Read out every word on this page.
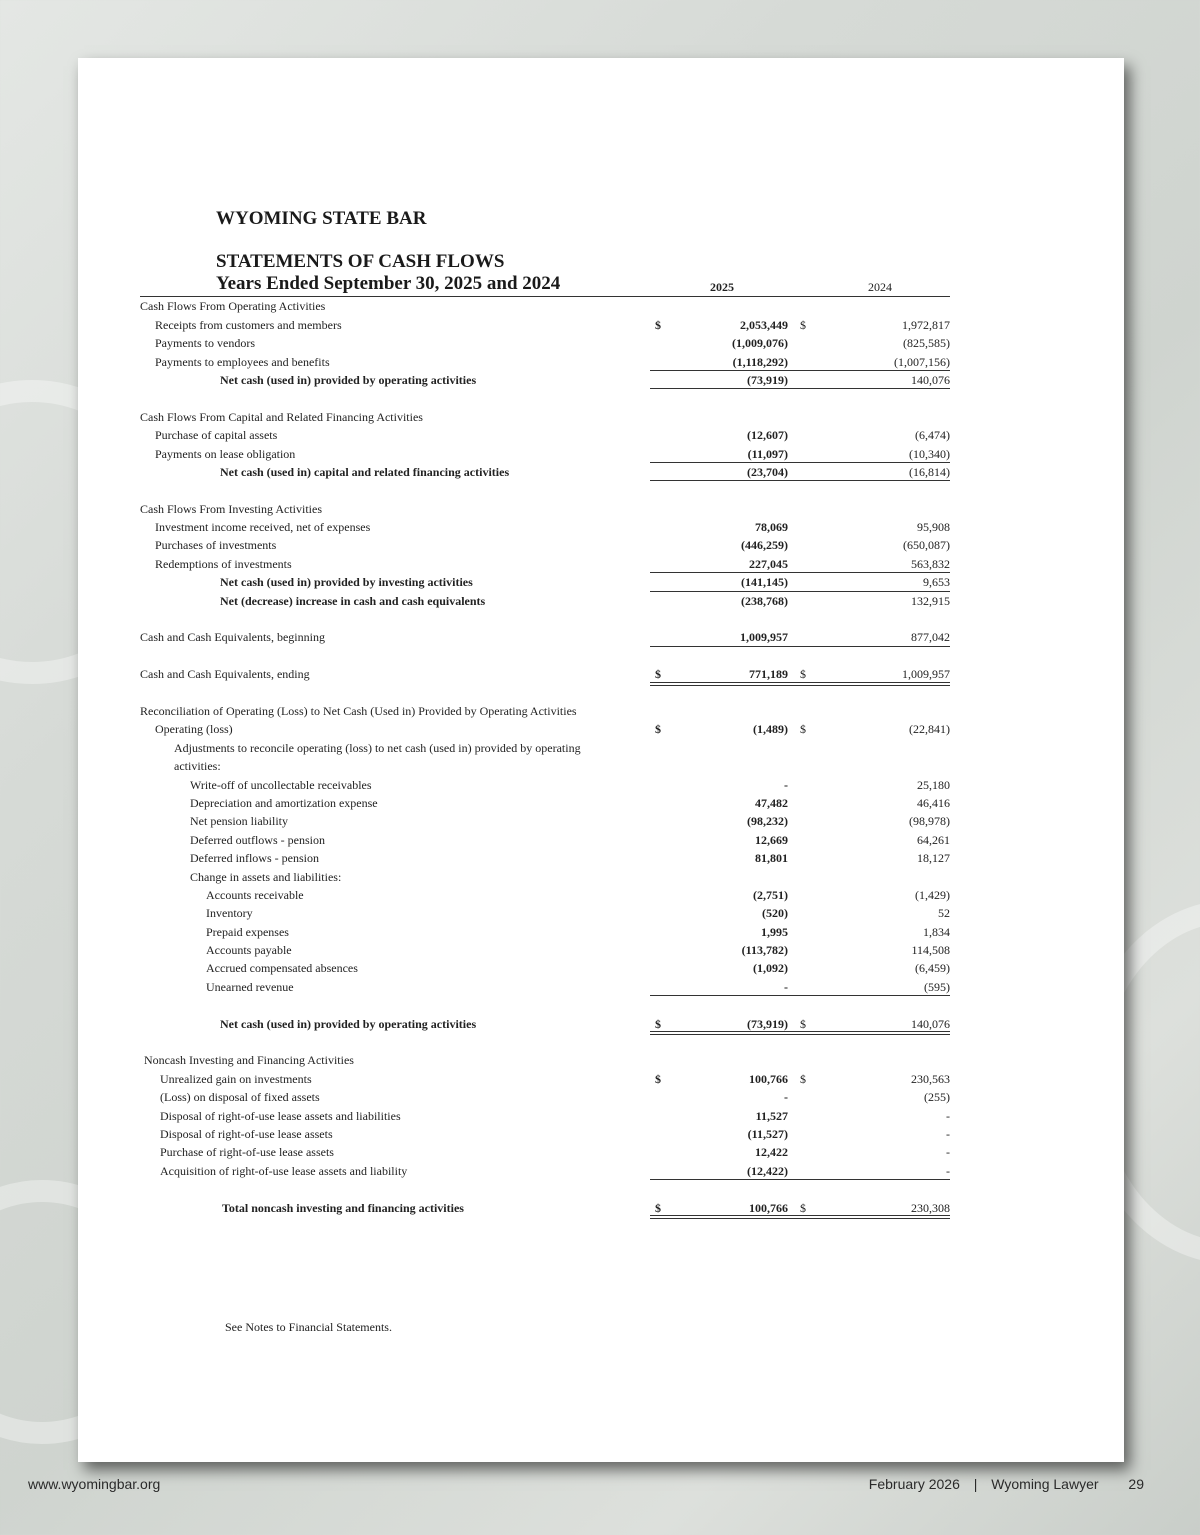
WYOMING STATE BAR
STATEMENTS OF CASH FLOWS
Years Ended September 30, 2025 and 2024	2025	2024
Cash Flows From Operating Activities
Receipts from customers and members	$	2,053,449 $	1,972,817
Payments to vendors	(1,009,076)	(825,585)
Payments to employees and benefits	(1,118,292)	(1,007,156)
Net cash (used in) provided by operating activities	(73,919)	140,076
Cash Flows From Capital and Related Financing Activities
Purchase of capital assets	(12,607)	(6,474)
Payments on lease obligation	(11,097)	(10,340)
Net cash (used in) capital and related financing activities	(23,704)	(16,814)
Cash Flows From Investing Activities
Investment income received, net of expenses	78,069	95,908
Purchases of investments	(446,259)	(650,087)
Redemptions of investments	227,045	563,832
Net cash (used in) provided by investing activities	(141,145)	9,653
Net (decrease) increase in cash and cash equivalents	(238,768)	132,915
Cash and Cash Equivalents, beginning	1,009,957	877,042
Cash and Cash Equivalents, ending	$	771,189 $	1,009,957
Reconciliation of Operating (Loss) to Net Cash (Used in) Provided by Operating Activities
Operating (loss)	$	(1,489) $	(22,841)
Adjustments to reconcile operating (loss) to net cash (used in) provided by operating
activities:
Write-off of uncollectable receivables	-	25,180
Depreciation and amortization expense	47,482	46,416
Net pension liability	(98,232)	(98,978)
Deferred outflows - pension	12,669	64,261
Deferred inflows - pension	81,801	18,127
Change in assets and liabilities:
Accounts receivable	(2,751)	(1,429)
Inventory	(520)	52
Prepaid expenses	1,995	1,834
Accounts payable	(113,782)	114,508
Accrued compensated absences	(1,092)	(6,459)
Unearned revenue	-	(595)
Net cash (used in) provided by operating activities	$	(73,919) $	140,076
Noncash Investing and Financing Activities
Unrealized gain on investments	$	100,766 $	230,563
(Loss) on disposal of fixed assets	-	(255)
Disposal of right-of-use lease assets and liabilities	11,527	-
Disposal of right-of-use lease assets	(11,527)	-
Purchase of right-of-use lease assets	12,422	-
Acquisition of right-of-use lease assets and liability	(12,422)	-
Total noncash investing and financing activities	$	100,766 $	230,308
See Notes to Financial Statements.
www.wyomingbar.org	February 2026 | Wyoming Lawyer 29
